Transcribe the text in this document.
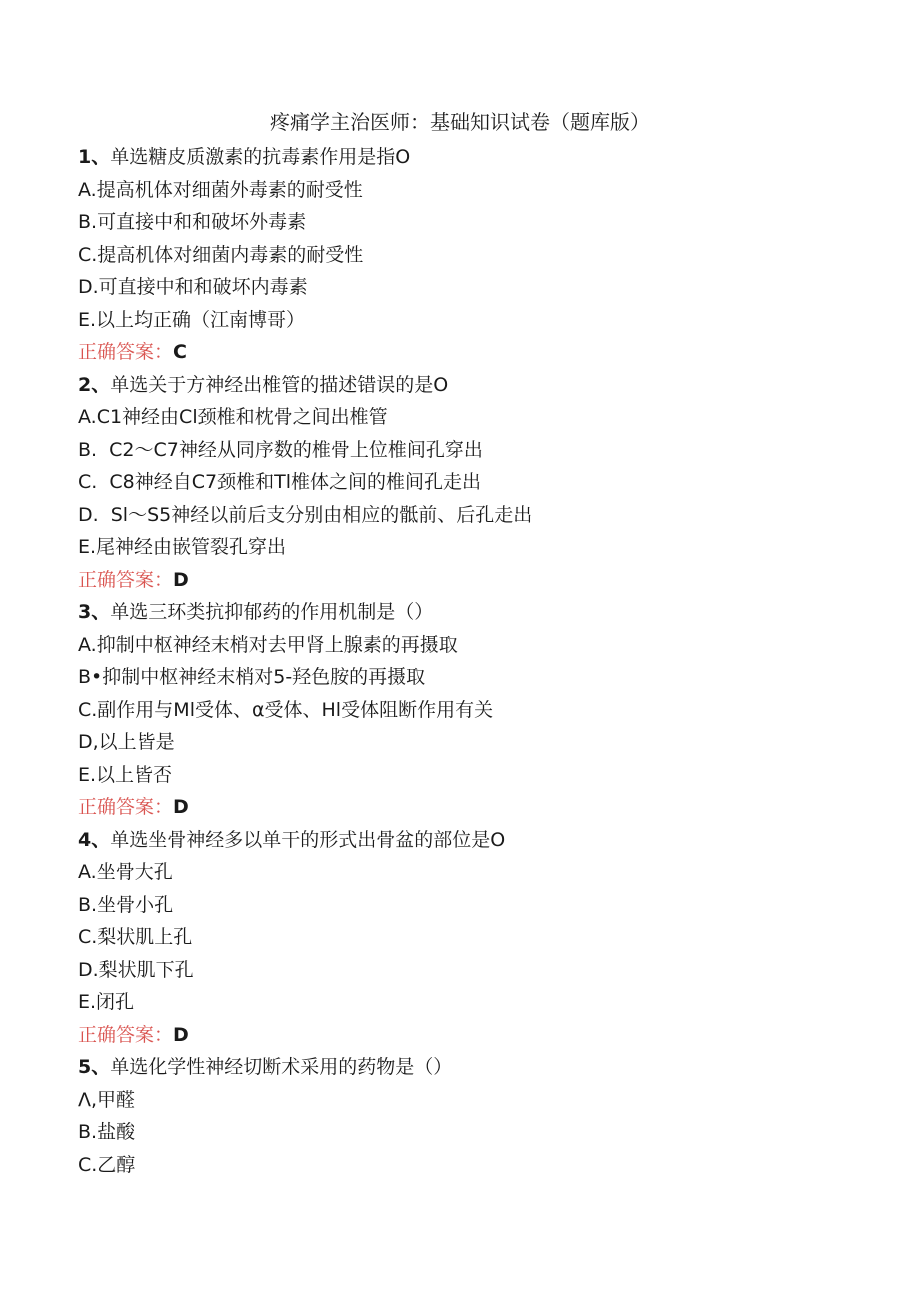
疼痛学主治医师：基础知识试卷（题库版）
1、单选糖皮质激素的抗毒素作用是指O
A.提高机体对细菌外毒素的耐受性
B.可直接中和和破坏外毒素
C.提高机体对细菌内毒素的耐受性
D.可直接中和和破坏内毒素
E.以上均正确（江南博哥）
正确答案：C
2、单选关于方神经出椎管的描述错误的是O
A.C1神经由Cl颈椎和枕骨之间出椎管
B.  C2〜C7神经从同序数的椎骨上位椎间孔穿出
C.  C8神经自C7颈椎和Tl椎体之间的椎间孔走出
D.  Sl〜S5神经以前后支分别由相应的骶前、后孔走出
E.尾神经由嵌管裂孔穿出
正确答案：D
3、单选三环类抗抑郁药的作用机制是（）
A.抑制中枢神经末梢对去甲肾上腺素的再摄取
B•抑制中枢神经末梢对5-羟色胺的再摄取
C.副作用与Ml受体、α受体、Hl受体阻断作用有关
D,以上皆是
E.以上皆否
正确答案：D
4、单选坐骨神经多以单干的形式出骨盆的部位是O
A.坐骨大孔
B.坐骨小孔
C.梨状肌上孔
D.梨状肌下孔
E.闭孔
正确答案：D
5、单选化学性神经切断术采用的药物是（）
Λ,甲醛
B.盐酸
C.乙醇
